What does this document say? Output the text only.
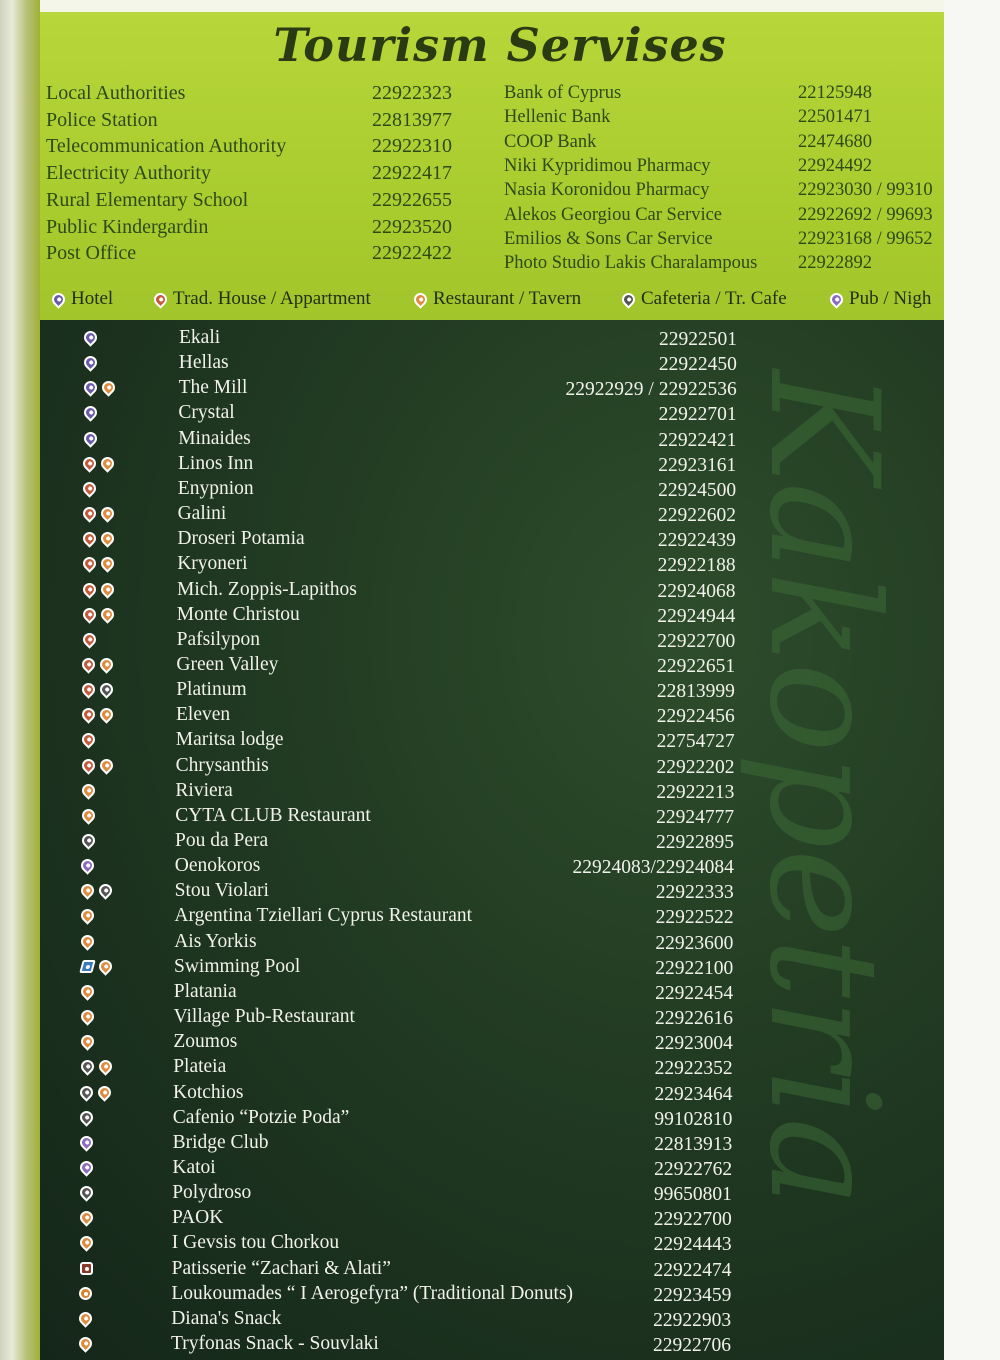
Kakopetria
Tourism Servises
Local Authorities	22922323
Police Station	22813977
Telecommunication Authority	22922310
Electricity Authority	22922417
Rural Elementary School	22922655
Public Kindergardin	22923520
Post Office	22922422
Bank of Cyprus	22125948
Hellenic Bank	22501471
COOP Bank	22474680
Niki Kypridimou Pharmacy	22924492
Nasia Koronidou Pharmacy	22923030 / 99310
Alekos Georgiou Car Service	22922692 / 99693
Emilios & Sons Car Service	22923168 / 99652
Photo Studio Lakis Charalampous 22922892
Hotel	Trad. House / Appartment	Restaurant / Tavern	Cafeteria / Tr. Cafe	Pub / Nigh
Ekali	22922501
Hellas	22922450
The Mill	22922929 / 22922536
Crystal	22922701
Minaides	22922421
Linos Inn	22923161
Enypnion	22924500
Galini	22922602
Droseri Potamia	22922439
Kryoneri	22922188
Mich. Zoppis-Lapithos	22924068
Monte Christou	22924944
Pafsilypon	22922700
Green Valley	22922651
Platinum	22813999
Eleven	22922456
Maritsa lodge	22754727
Chrysanthis	22922202
Riviera	22922213
CYTA CLUB Restaurant	22924777
Pou da Pera	22922895
Oenokoros	22924083/22924084
Stou Violari	22922333
Argentina Tziellari Cyprus Restaurant	22922522
Ais Yorkis	22923600
Swimming Pool	22922100
Platania	22922454
Village Pub-Restaurant	22922616
Zoumos	22923004
Plateia	22922352
Kotchios	22923464
Cafenio “Potzie Poda”	99102810
Bridge Club	22813913
Katoi	22922762
Polydroso	99650801
PAOK	22922700
I Gevsis tou Chorkou	22924443
Patisserie “Zachari & Alati”	22922474
Loukoumades “ I Aerogefyra” (Traditional Donuts)	22923459
Diana's Snack	22922903
Tryfonas Snack - Souvlaki	22922706
